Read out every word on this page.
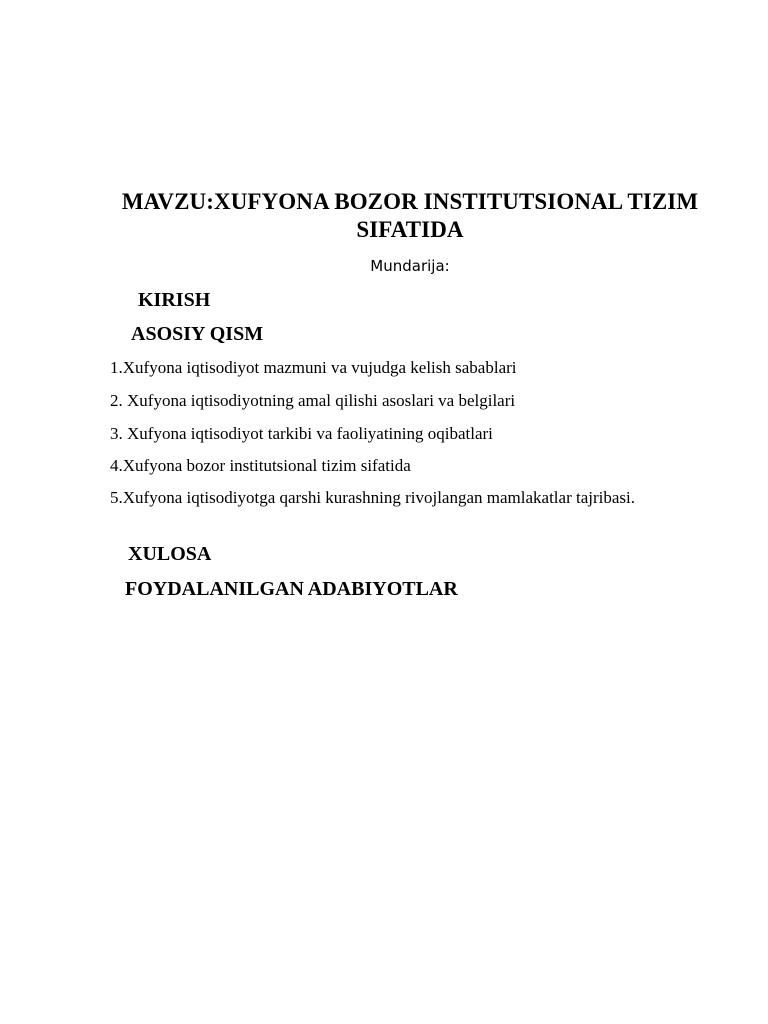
MAVZU:XUFYONA BOZOR INSTITUTSIONAL TIZIM SIFATIDA
Mundarija:
KIRISH
ASOSIY QISM
1.Xufyona iqtisodiyot mazmuni va vujudga kelish sabablari
2. Xufyona iqtisodiyotning amal qilishi asoslari va belgilari
3. Xufyona iqtisodiyot tarkibi va faoliyatining oqibatlari
4.Xufyona bozor institutsional tizim sifatida
5.Xufyona iqtisodiyotga qarshi kurashning rivojlangan mamlakatlar tajribasi.
XULOSA
FOYDALANILGAN ADABIYOTLAR
